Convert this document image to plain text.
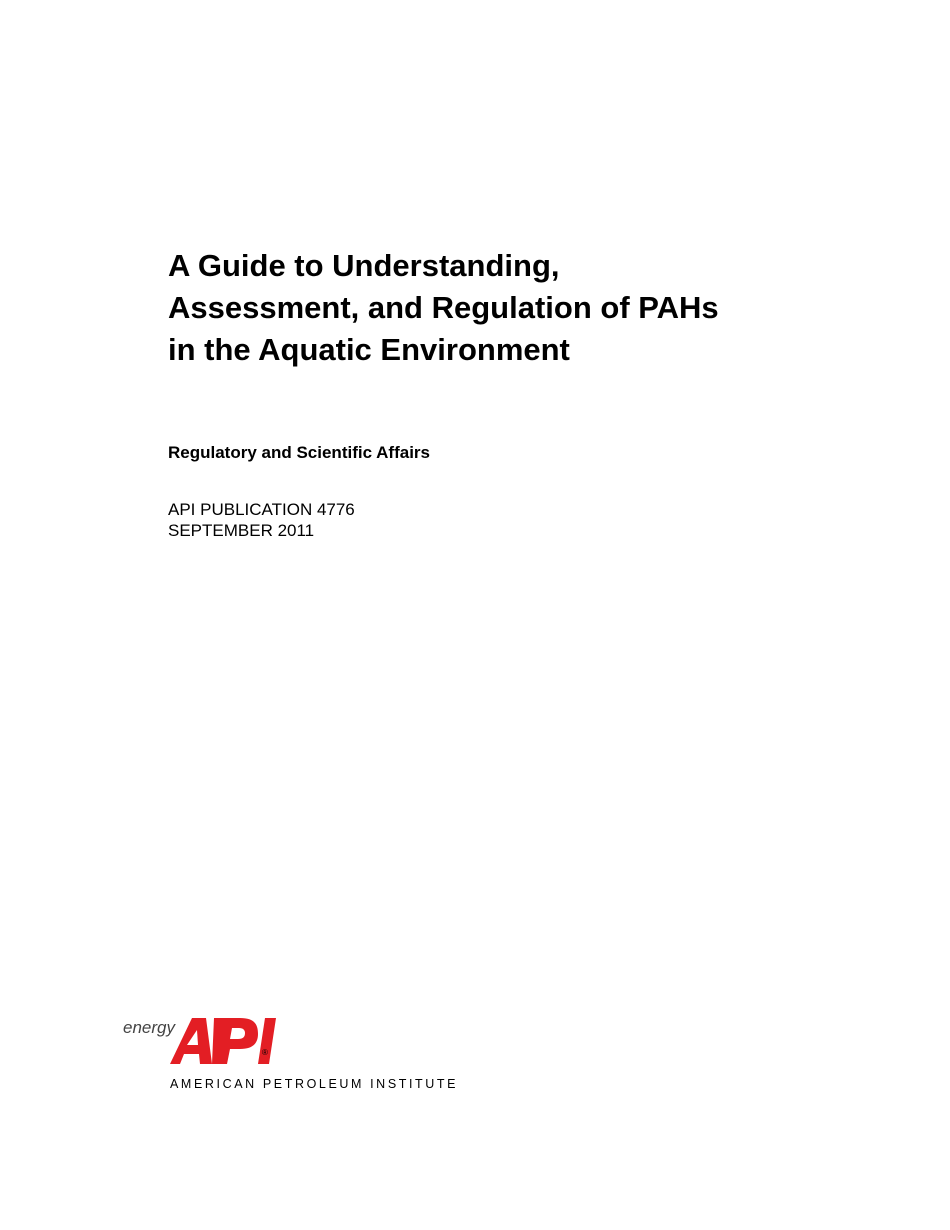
A Guide to Understanding,
Assessment, and Regulation of PAHs
in the Aquatic Environment

Regulatory and Scientific Affairs

API PUBLICATION 4776
SEPTEMBER 2011

energy
®
AMERICAN PETROLEUM INSTITUTE
